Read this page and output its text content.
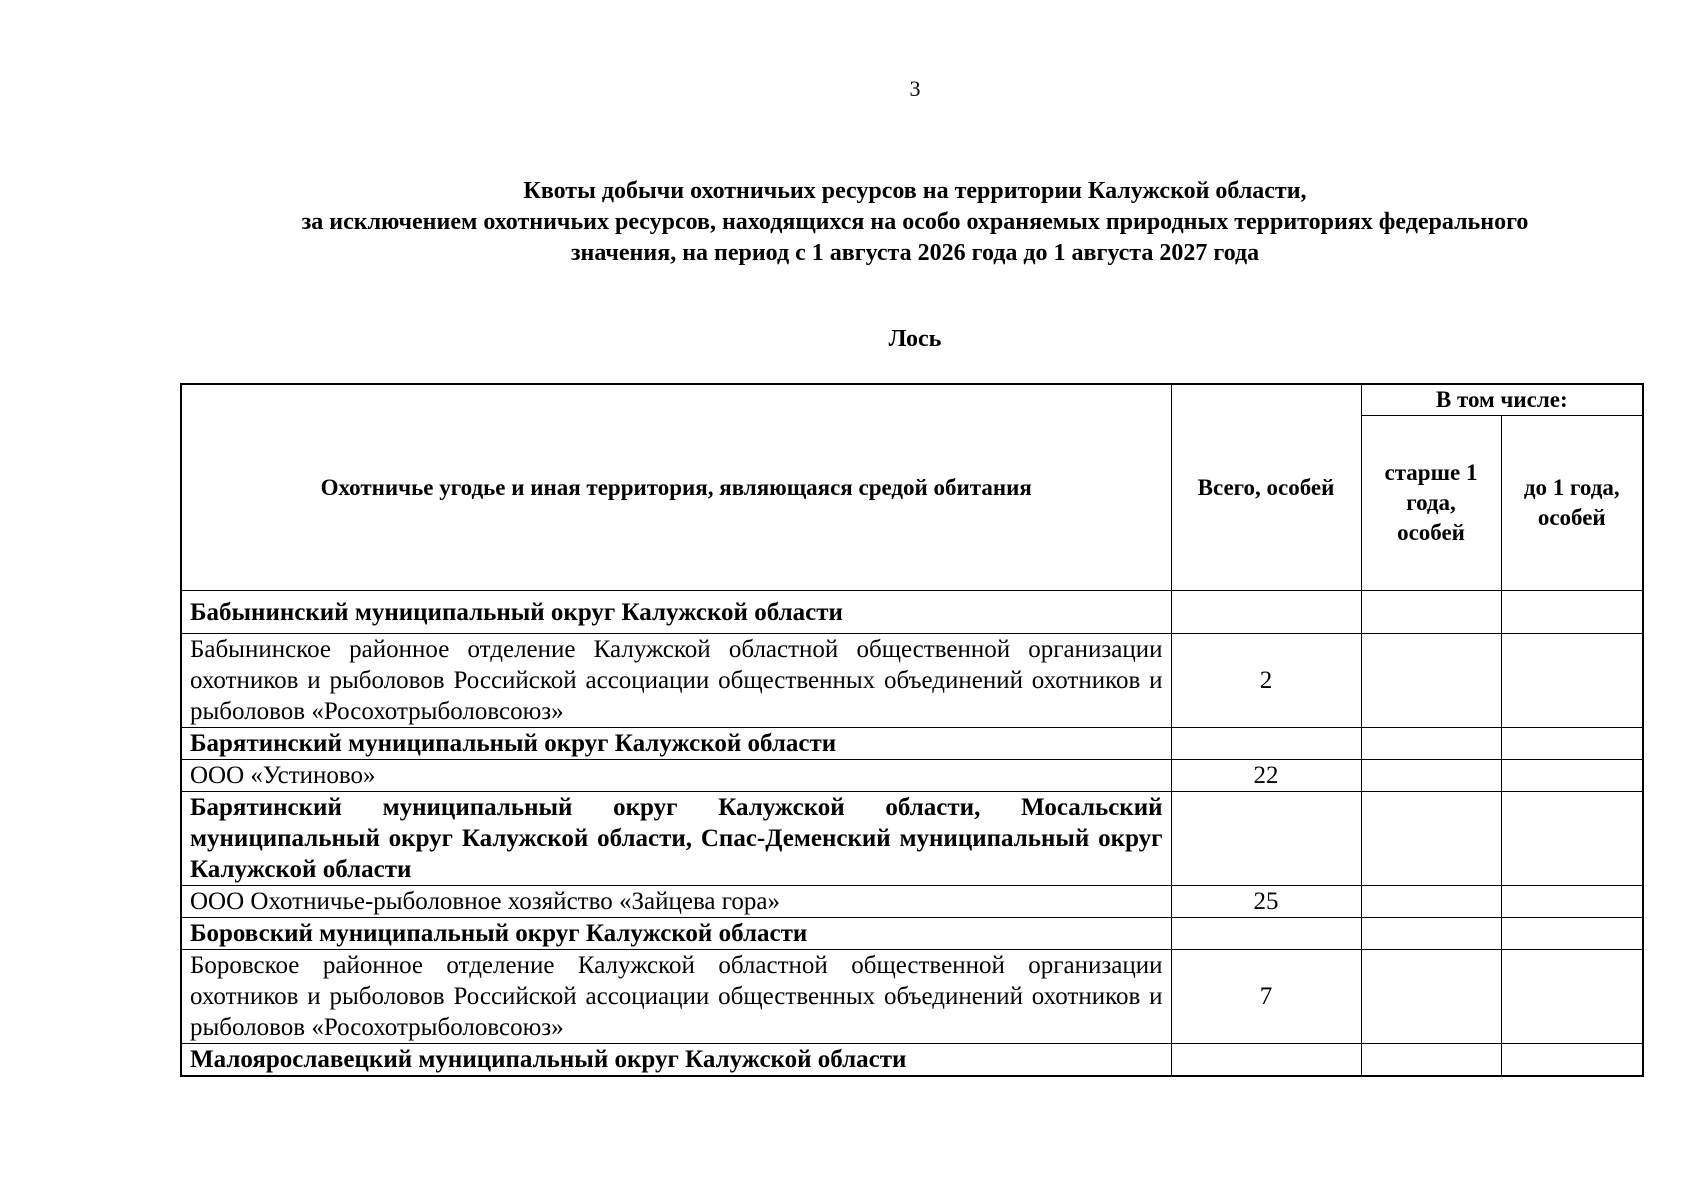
3
Квоты добычи охотничьих ресурсов на территории Калужской области,
за исключением охотничьих ресурсов, находящихся на особо охраняемых природных территориях федерального
значения, на период с 1 августа 2026 года до 1 августа 2027 года
Лось
Охотничье угодье и иная территория, являющаяся средой обитания	Всего, особей	В том числе:	
		старше 1 года, особей	до 1 года, особей
Бабынинский муниципальный округ Калужской области			
Бабынинское районное отделение Калужской областной общественной организации охотников и рыболовов Российской ассоциации общественных объединений охотников и рыболовов «Росохотрыболовсоюз»	2		
Барятинский муниципальный округ Калужской области			
ООО «Устиново»	22		
Барятинский муниципальный округ Калужской области, Мосальский муниципальный округ Калужской области, Спас-Деменский муниципальный округ Калужской области			
ООО Охотничье-рыболовное хозяйство «Зайцева гора»	25		
Боровский муниципальный округ Калужской области			
Боровское районное отделение Калужской областной общественной организации охотников и рыболовов Российской ассоциации общественных объединений охотников и рыболовов «Росохотрыболовсоюз»	7		
Малоярославецкий муниципальный округ Калужской области			
